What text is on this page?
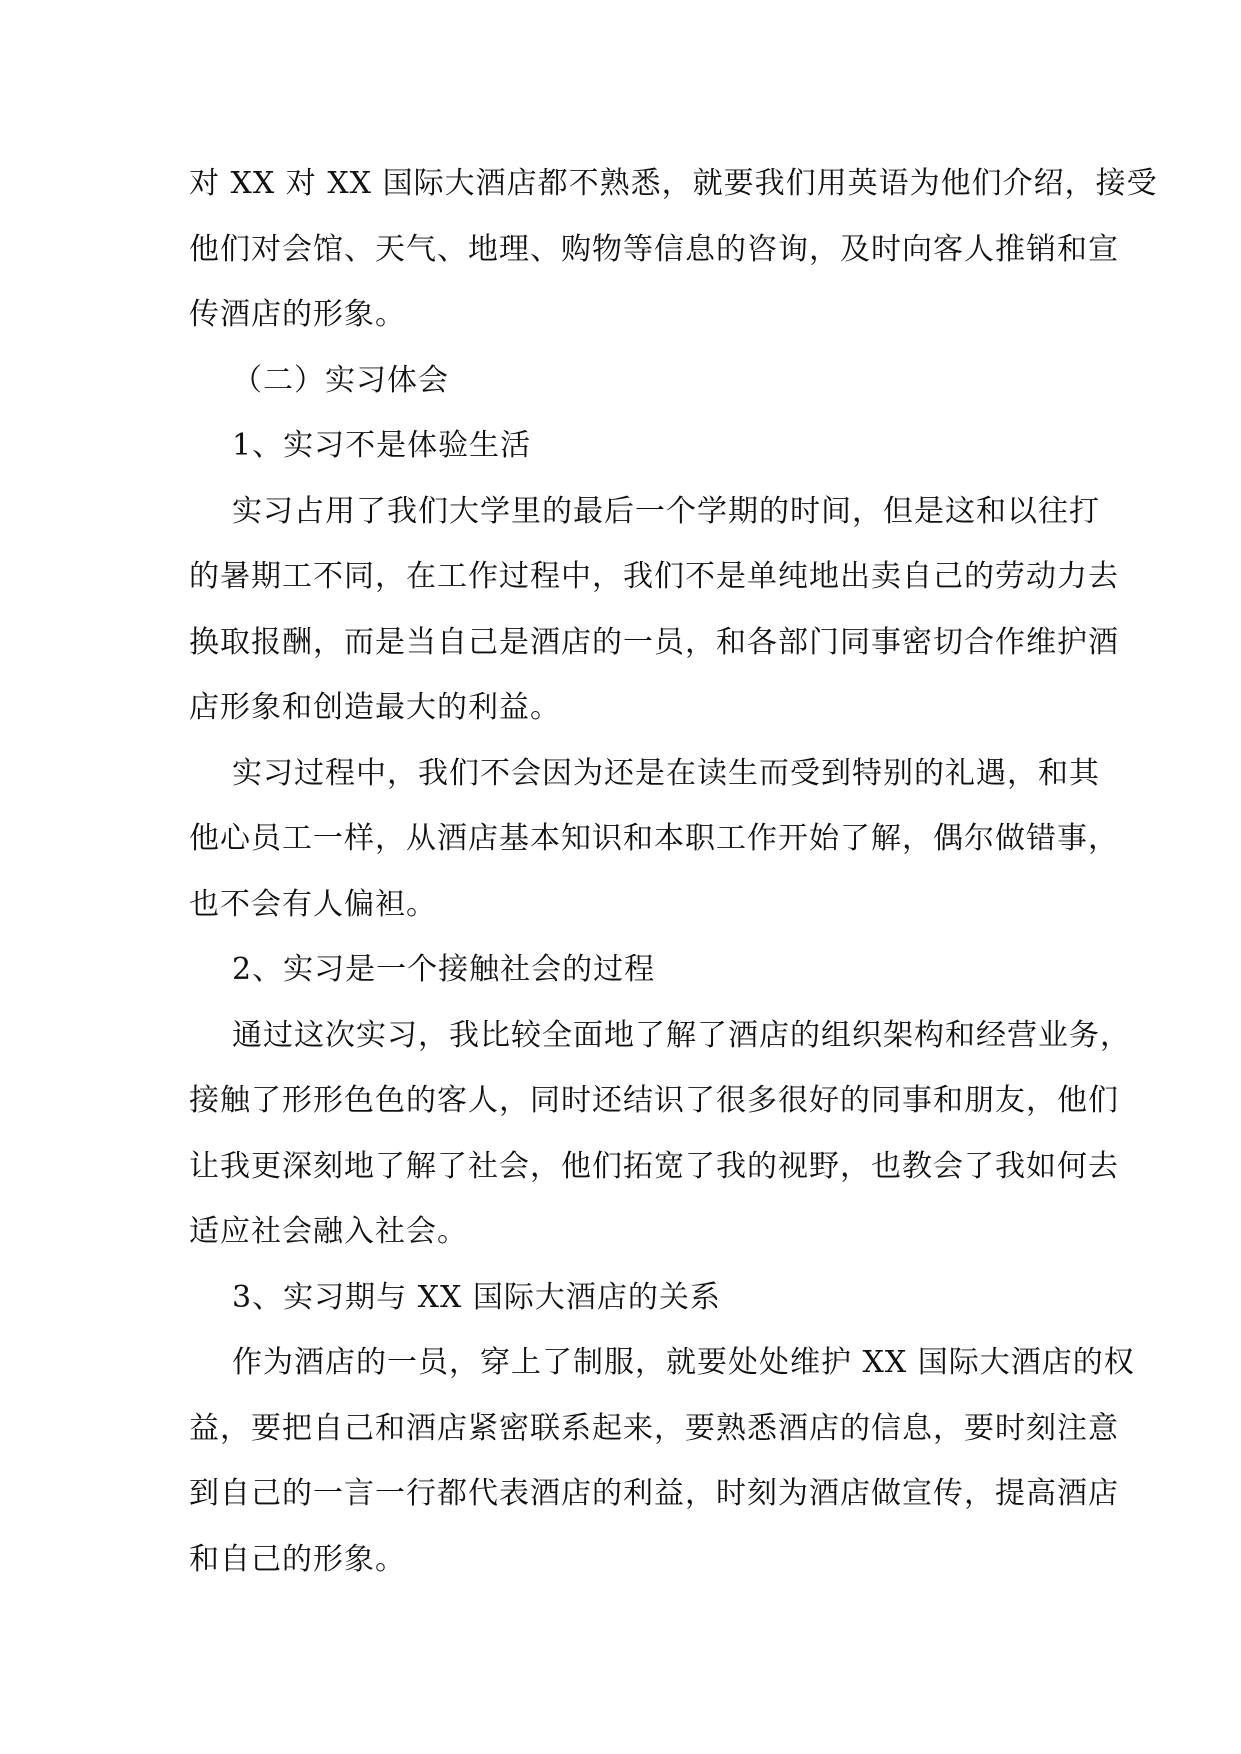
对 XX 对 XX 国际大酒店都不熟悉，就要我们用英语为他们介绍，接受
他们对会馆、天气、地理、购物等信息的咨询，及时向客人推销和宣
传酒店的形象。
（二）实习体会
1、实习不是体验生活
实习占用了我们大学里的最后一个学期的时间，但是这和以往打
的暑期工不同，在工作过程中，我们不是单纯地出卖自己的劳动力去
换取报酬，而是当自己是酒店的一员，和各部门同事密切合作维护酒
店形象和创造最大的利益。
实习过程中，我们不会因为还是在读生而受到特别的礼遇，和其
他心员工一样，从酒店基本知识和本职工作开始了解，偶尔做错事，
也不会有人偏袒。
2、实习是一个接触社会的过程
通过这次实习，我比较全面地了解了酒店的组织架构和经营业务，
接触了形形色色的客人，同时还结识了很多很好的同事和朋友，他们
让我更深刻地了解了社会，他们拓宽了我的视野，也教会了我如何去
适应社会融入社会。
3、实习期与 XX 国际大酒店的关系
作为酒店的一员，穿上了制服，就要处处维护 XX 国际大酒店的权
益，要把自己和酒店紧密联系起来，要熟悉酒店的信息，要时刻注意
到自己的一言一行都代表酒店的利益，时刻为酒店做宣传，提高酒店
和自己的形象。
